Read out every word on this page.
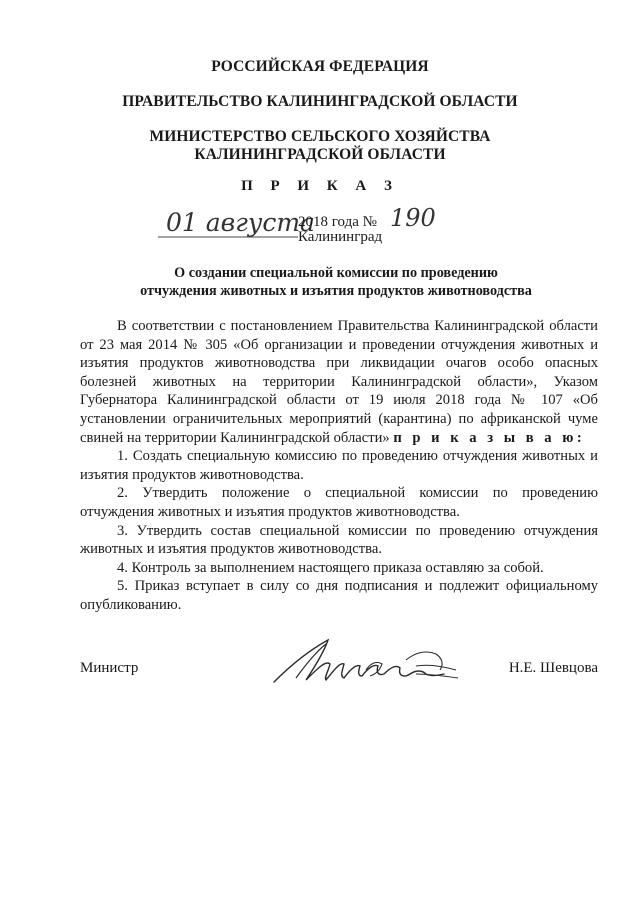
РОССИЙСКАЯ ФЕДЕРАЦИЯ
ПРАВИТЕЛЬСТВО КАЛИНИНГРАДСКОЙ ОБЛАСТИ
МИНИСТЕРСТВО СЕЛЬСКОГО ХОЗЯЙСТВА
КАЛИНИНГРАДСКОЙ ОБЛАСТИ
П Р И К А З
01 августа
2018 года № 190
Калининград
О создании специальной комиссии по проведению
отчуждения животных и изъятия продуктов животноводства

В соответствии с постановлением Правительства Калининградской области от 23 мая 2014 № 305 «Об организации и проведении отчуждения животных и изъятия продуктов животноводства при ликвидации очагов особо опасных болезней животных на территории Калининградской области», Указом Губернатора Калининградской области от 19 июля 2018 года № 107 «Об установлении ограничительных мероприятий (карантина) по африканской чуме свиней на территории Калининградской области» п р и к а з ы в а ю:

1. Создать специальную комиссию по проведению отчуждения животных и изъятия продуктов животноводства.

2. Утвердить положение о специальной комиссии по проведению отчуждения животных и изъятия продуктов животноводства.

3. Утвердить состав специальной комиссии по проведению отчуждения животных и изъятия продуктов животноводства.

4. Контроль за выполнением настоящего приказа оставляю за собой.

5. Приказ вступает в силу со дня подписания и подлежит официальному опубликованию.

Министр	Н.Е. Шевцова
